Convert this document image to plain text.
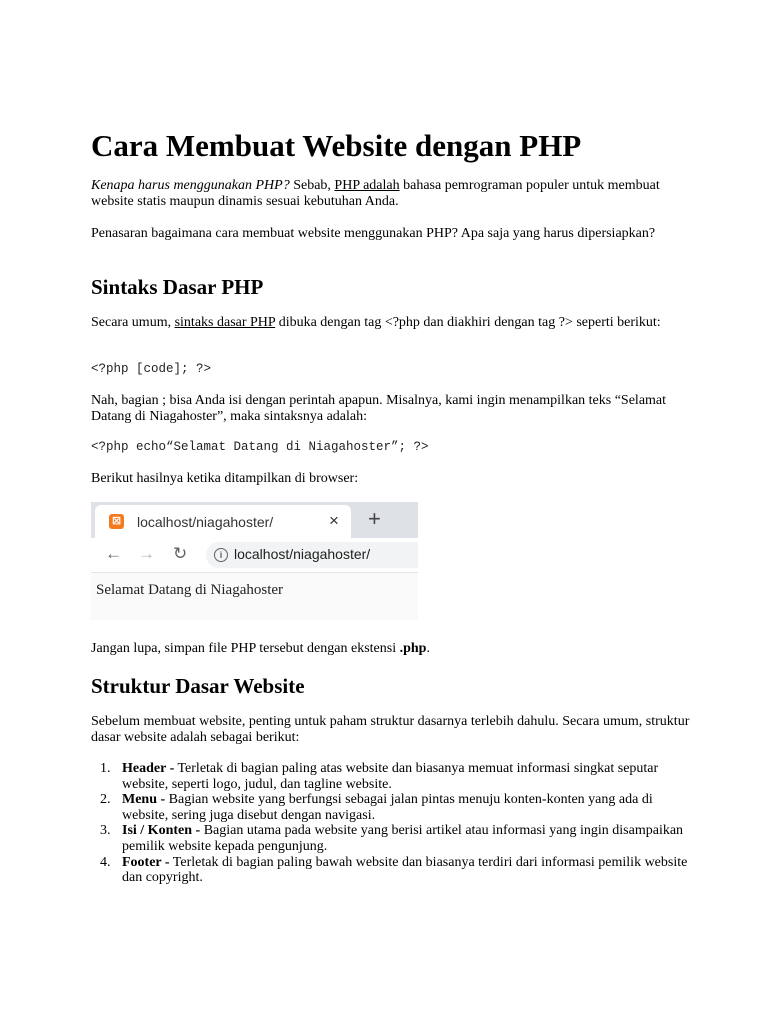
Cara Membuat Website dengan PHP

Kenapa harus menggunakan PHP? Sebab, PHP adalah bahasa pemrograman populer untuk membuat website statis maupun dinamis sesuai kebutuhan Anda.

Penasaran bagaimana cara membuat website menggunakan PHP? Apa saja yang harus dipersiapkan?

Sintaks Dasar PHP

Secara umum, sintaks dasar PHP dibuka dengan tag <?php dan diakhiri dengan tag ?> seperti berikut:

<?php [code]; ?>

Nah, bagian ; bisa Anda isi dengan perintah apapun. Misalnya, kami ingin menampilkan teks “Selamat Datang di Niagahoster”, maka sintaksnya adalah:

<?php echo“Selamat Datang di Niagahoster”; ?>

Berikut hasilnya ketika ditampilkan di browser:

⊠ localhost/niagahoster/	× +
← → ↻	i localhost/niagahoster/
Selamat Datang di Niagahoster

Jangan lupa, simpan file PHP tersebut dengan ekstensi .php.

Struktur Dasar Website

Sebelum membuat website, penting untuk paham struktur dasarnya terlebih dahulu. Secara umum, struktur dasar website adalah sebagai berikut:

1. Header - Terletak di bagian paling atas website dan biasanya memuat informasi singkat seputar website, seperti logo, judul, dan tagline website.
2. Menu - Bagian website yang berfungsi sebagai jalan pintas menuju konten-konten yang ada di website, sering juga disebut dengan navigasi.
3. Isi / Konten - Bagian utama pada website yang berisi artikel atau informasi yang ingin disampaikan pemilik website kepada pengunjung.
4. Footer - Terletak di bagian paling bawah website dan biasanya terdiri dari informasi pemilik website dan copyright.
